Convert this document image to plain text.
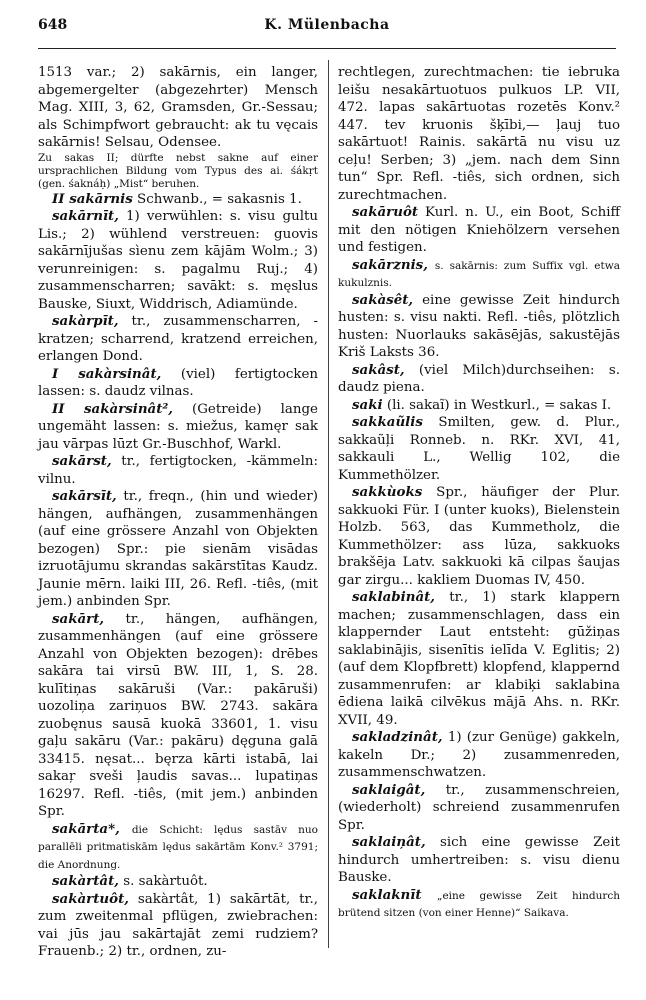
648	K. Mülenbacha

1513 var.; 2) sakārnis, ein langer, abgemergelter (abgezehrter) Mensch Mag. XIII, 3, 62, Gramsden, Gr.-Sessau; als Schimpfwort gebraucht: ak tu vęcais sakārnis! Selsau, Odensee.

Zu sakas II; dürfte nebst sakne auf einer ursprachlichen Bildung vom Typus des ai. śákṛt (gen. śaknáḥ) „Mist“ beruhen.

II sakārnis Schwanb., = sakasnis 1.

sakārnīt, 1) verwühlen: s. visu gultu Lis.; 2) wühlend verstreuen: guovis sakārnījušas sìenu zem kājām Wolm.; 3) verunreinigen: s. pagalmu Ruj.; 4) zusammenscharren; savākt: s. męslus Bauske, Siuxt, Widdrisch, Adiamünde.

sakàrpīt, tr., zusammenscharren, -kratzen; scharrend, kratzend erreichen, erlangen Dond.

I sakàrsinât, (viel) fertigtocken lassen: s. daudz vilnas.

II sakàrsinât², (Getreide) lange ungemäht lassen: s. miežus, kamęr sak jau vārpas lūzt Gr.-Buschhof, Warkl.

sakārst, tr., fertigtocken, -kämmeln: vilnu.

sakārsīt, tr., freqn., (hin und wieder) hängen, aufhängen, zusammenhängen (auf eine grössere Anzahl von Objekten bezogen) Spr.: pie sienām visādas izruotājumu skrandas sakārstītas Kaudz. Jaunie mērn. laiki III, 26. Refl. -tiês, (mit jem.) anbinden Spr.

sakārt, tr., hängen, aufhängen, zusammenhängen (auf eine grössere Anzahl von Objekten bezogen): drēbes sakāra tai virsū BW. III, 1, S. 28. kulītiņas sakāruši (Var.: pakāruši) uozoliņa zariņuos BW. 2743. sakāra zuobęnus sausā kuokā 33601, 1. visu gaļu sakāru (Var.: pakāru) dęguna galā 33415. nęsat... bęrza kārti istabā, lai sakaŗ sveši ļaudis savas... lupatiņas 16297. Refl. -tiês, (mit jem.) anbinden Spr.

sakārta*, die Schicht: lędus sastāv nuo parallēli pritmatiskām lędus sakārtām Konv.² 3791; die Anordnung.

sakàrtât, s. sakàrtuôt.

sakàrtuôt, sakàrtât, 1) sakārtāt, tr., zum zweitenmal pflügen, zwiebrachen: vai jūs jau sakārtajāt zemi rudziem? Frauenb.; 2) tr., ordnen, zu-

rechtlegen, zurechtmachen: tie iebruka leišu nesakārtuotuos pulkuos LP. VII, 472. lapas sakārtuotas rozetēs Konv.² 447. tev kruonis šķībi,— ļauj tuo sakārtuot! Rainis. sakārtā nu visu uz ceļu! Serben; 3) „jem. nach dem Sinn tun“ Spr. Refl. -tiês, sich ordnen, sich zurechtmachen.

sakāruôt Kurl. n. U., ein Boot, Schiff mit den nötigen Kniehölzern versehen und festigen.

sakārznis, s. sakārnis: zum Suffix vgl. etwa kukulznis.

sakàsêt, eine gewisse Zeit hindurch husten: s. visu nakti. Refl. -tiês, plötzlich husten: Nuorlauks sakāsējās, sakustējās Kriš Laksts 36.

sakâst, (viel Milch)durchseihen: s. daudz piena.

saki (li. sakaĩ) in Westkurl., = sakas I.

sakkaũlis Smilten, gew. d. Plur., sakkaũļi Ronneb. n. RKr. XVI, 41, sakkauli L., Wellig 102, die Kummethölzer.

sakkùoks Spr., häufiger der Plur. sakkuoki Für. I (unter kuoks), Bielenstein Holzb. 563, das Kummetholz, die Kummethölzer: ass lūza, sakkuoks brakšēja Latv. sakkuoki kā cilpas šaujas gar zirgu... kakliem Duomas IV, 450.

saklabinât, tr., 1) stark klappern machen; zusammenschlagen, dass ein klappernder Laut entsteht: gūžiņas saklabinājis, sisenītis ielīda V. Eglitis; 2) (auf dem Klopfbrett) klopfend, klappernd zusammenrufen: ar klabiķi saklabina ēdiena laikā cilvēkus mājā Ahs. n. RKr. XVII, 49.

sakladzinât, 1) (zur Genüge) gakkeln, kakeln Dr.; 2) zusammenreden, zusammenschwatzen.

saklaigât, tr., zusammenschreien, (wiederholt) schreiend zusammenrufen Spr.

saklaiņât, sich eine gewisse Zeit hindurch umhertreiben: s. visu dienu Bauske.

saklaknīt „eine gewisse Zeit hindurch brütend sitzen (von einer Henne)“ Saikava.
